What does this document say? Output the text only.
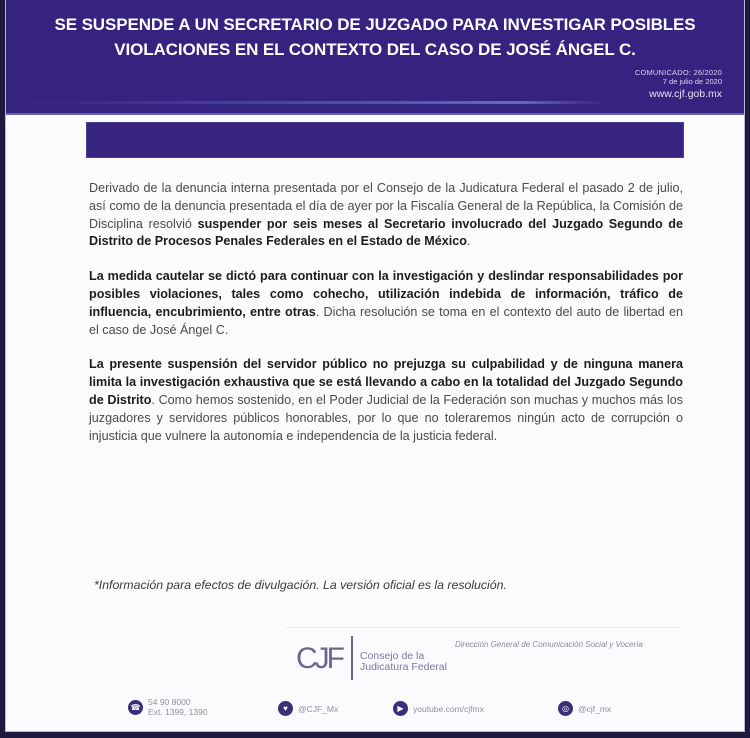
SE SUSPENDE A UN SECRETARIO DE JUZGADO PARA INVESTIGAR POSIBLES
VIOLACIONES EN EL CONTEXTO DEL CASO DE JOSÉ ÁNGEL C.
COMUNICADO: 26/2020
7 de julio de 2020
www.cjf.gob.mx

Derivado de la denuncia interna presentada por el Consejo de la Judicatura Federal el pasado 2 de julio, así como de la denuncia presentada el día de ayer por la Fiscalía General de la República, la Comisión de Disciplina resolvió suspender por seis meses al Secretario involucrado del Juzgado Segundo de Distrito de Procesos Penales Federales en el Estado de México.

La medida cautelar se dictó para continuar con la investigación y deslindar responsabilidades por posibles violaciones, tales como cohecho, utilización indebida de información, tráfico de influencia, encubrimiento, entre otras. Dicha resolución se toma en el contexto del auto de libertad en el caso de José Ángel C.

La presente suspensión del servidor público no prejuzga su culpabilidad y de ninguna manera limita la investigación exhaustiva que se está llevando a cabo en la totalidad del Juzgado Segundo de Distrito. Como hemos sostenido, en el Poder Judicial de la Federación son muchas y muchos más los juzgadores y servidores públicos honorables, por lo que no toleraremos ningún acto de corrupción o injusticia que vulnere la autonomía e independencia de la justicia federal.

*Información para efectos de divulgación. La versión oficial es la resolución.
CJF Consejo de la
Judicatura Federal
Dirección General de Comunicación Social y Vocería
☎ 54 90 8000
Ext. 1399, 1390	♥	@CJF_Mx	▶	youtube.com/cjfmx	◎	@cjf_mx
